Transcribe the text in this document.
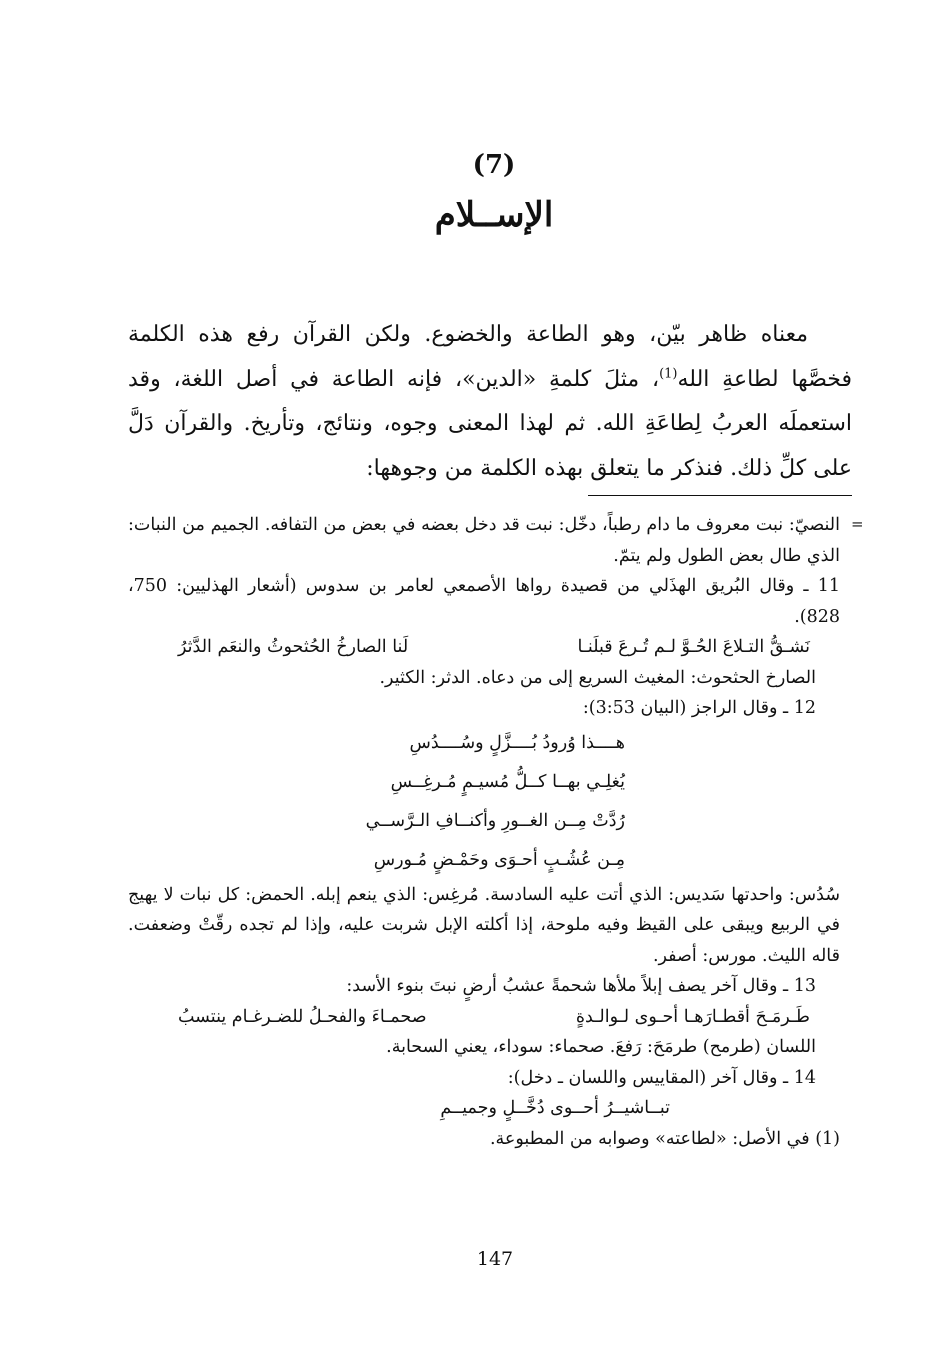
(7)
الإســلام

معناه ظاهر بيّن، وهو الطاعة والخضوع. ولكن القرآن رفع هذه الكلمة فخصَّها لطاعةِ الله$^{(1)}$، مثلَ كلمةِ «الدين»، فإنه الطاعة في أصل اللغة، وقد استعملَه العربُ لِطاعَةِ الله. ثم لهذا المعنى وجوه، ونتائج، وتأريخ. والقرآن دَلَّ على كلِّ ذلك. فنذكر ما يتعلق بهذه الكلمة من وجوهها:

=

النصيّ: نبت معروف ما دام رطباً، دخّل: نبت قد دخل بعضه في بعض من التفافه. الجميم من النبات: الذي طال بعض الطول ولم يتمّ.

11 ـ وقال البُريق الهذَلي من قصيدة رواها الأصمعي لعامر بن سدوس (أشعار الهذليين: 750، 828).

نَشـقُّ التـلاعَ الحُـوَّ لـم تُـرعَ قبلَنـا
لَنا الصارخُ الحُثحوثُ والنعَم الدَّثرُ

الصارخ الحثحوث: المغيث السريع إلى من دعاه. الدثر: الكثير.

12 ـ وقال الراجز (البيان 3:53):

هــــذا وُرودُ بُــــزَّلٍ وسُــــدُسِ
يُغلِـي بهــا كــلُّ مُسيـمٍ مُـرغِــسِ
رُدَّتْ مِــن الغــورِ وأكنــافِ الـرَّســي
مِـن عُشُـبٍ أحـوَى وحَمْـضٍ مُـورسِ

سُدُس: واحدتها سَديس: الذي أتت عليه السادسة. مُرغِس: الذي ينعم إبله. الحمض: كل نبات لا يهيج في الربيع ويبقى على القيظ وفيه ملوحة، إذا أكلته الإبل شربت عليه، وإذا لم تجده رقّتْ وضعفت. قاله الليث. مورس: أصفر.

13 ـ وقال آخر يصف إبلاً ملأها شحمةً عشبُ أرضٍ نبتَ بنوء الأسد:

طَـرمَـحَ أقطـارَهـا أحـوى لـوالـدةٍ
صحمـاءَ والفحـلُ للضـرغـام ينتسبُ

اللسان (طرمح) طرمَحَ: رَفعَ. صحماء: سوداء، يعني السحابة.

14 ـ وقال آخر (المقاييس واللسان ـ دخل):

تبــاشيــرُ أحــوى دُخَّــلٍ وجميــمِ

(1) في الأصل: «لطاعته» وصوابه من المطبوعة.

147
